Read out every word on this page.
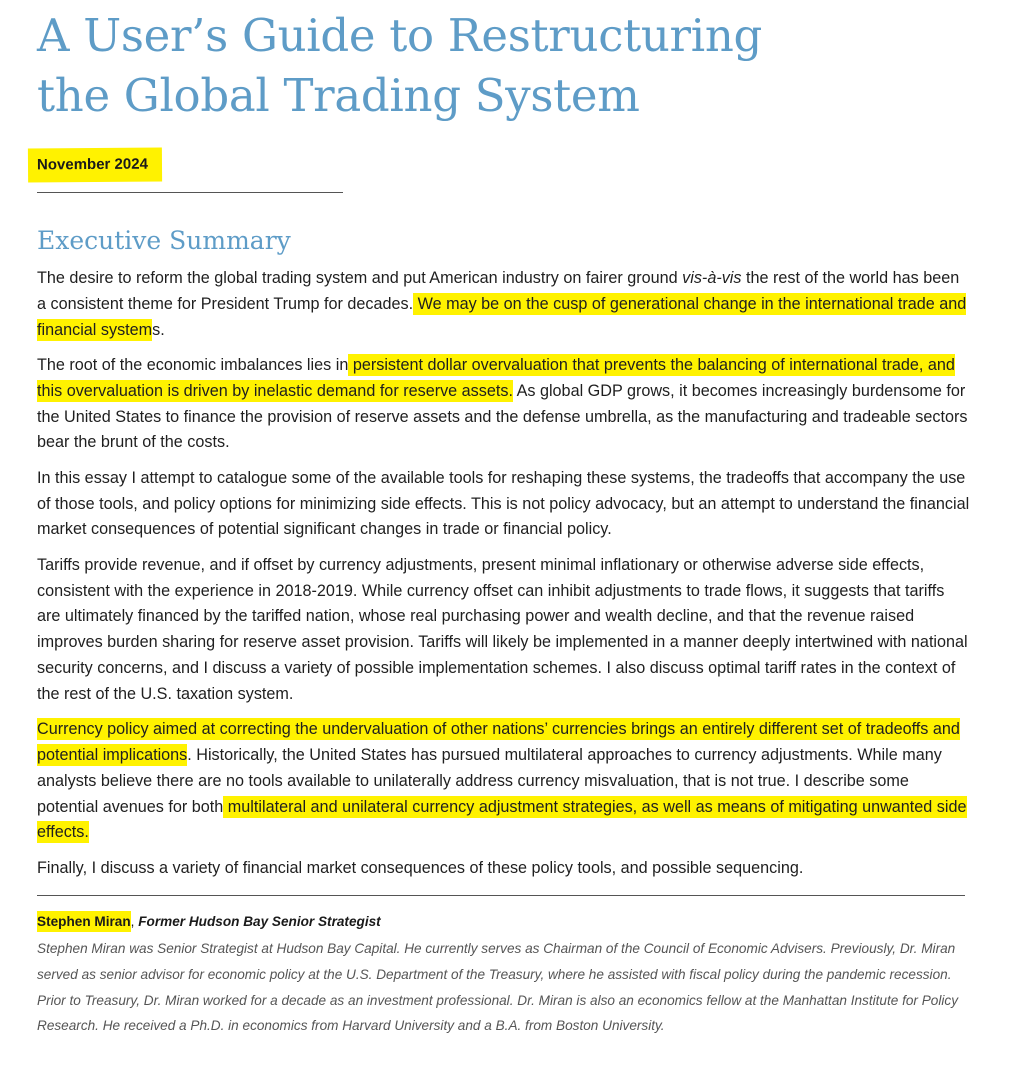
A User’s Guide to Restructuring
the Global Trading System
November 2024
Executive Summary

The desire to reform the global trading system and put American industry on fairer ground vis-à-vis the rest of the world has been a consistent theme for President Trump for decades. We may be on the cusp of generational change in the international trade and financial systems.

The root of the economic imbalances lies in persistent dollar overvaluation that prevents the balancing of international trade, and this overvaluation is driven by inelastic demand for reserve assets. As global GDP grows, it becomes increasingly burdensome for the United States to finance the provision of reserve assets and the defense umbrella, as the manufacturing and tradeable sectors bear the brunt of the costs.

In this essay I attempt to catalogue some of the available tools for reshaping these systems, the tradeoffs that accompany the use of those tools, and policy options for minimizing side effects. This is not policy advocacy, but an attempt to understand the financial market consequences of potential significant changes in trade or financial policy.

Tariffs provide revenue, and if offset by currency adjustments, present minimal inflationary or otherwise adverse side effects, consistent with the experience in 2018-2019. While currency offset can inhibit adjustments to trade flows, it suggests that tariffs are ultimately financed by the tariffed nation, whose real purchasing power and wealth decline, and that the revenue raised improves burden sharing for reserve asset provision. Tariffs will likely be implemented in a manner deeply intertwined with national security concerns, and I discuss a variety of possible implementation schemes. I also discuss optimal tariff rates in the context of the rest of the U.S. taxation system.

Currency policy aimed at correcting the undervaluation of other nations’ currencies brings an entirely different set of tradeoffs and potential implications. Historically, the United States has pursued multilateral approaches to currency adjustments. While many analysts believe there are no tools available to unilaterally address currency misvaluation, that is not true. I describe some potential avenues for both multilateral and unilateral currency adjustment strategies, as well as means of mitigating unwanted side effects.

Finally, I discuss a variety of financial market consequences of these policy tools, and possible sequencing.

Stephen Miran, Former Hudson Bay Senior Strategist
Stephen Miran was Senior Strategist at Hudson Bay Capital. He currently serves as Chairman of the Council of Economic Advisers. Previously, Dr. Miran served as senior advisor for economic policy at the U.S. Department of the Treasury, where he assisted with fiscal policy during the pandemic recession. Prior to Treasury, Dr. Miran worked for a decade as an investment professional. Dr. Miran is also an economics fellow at the Manhattan Institute for Policy Research. He received a Ph.D. in economics from Harvard University and a B.A. from Boston University.
